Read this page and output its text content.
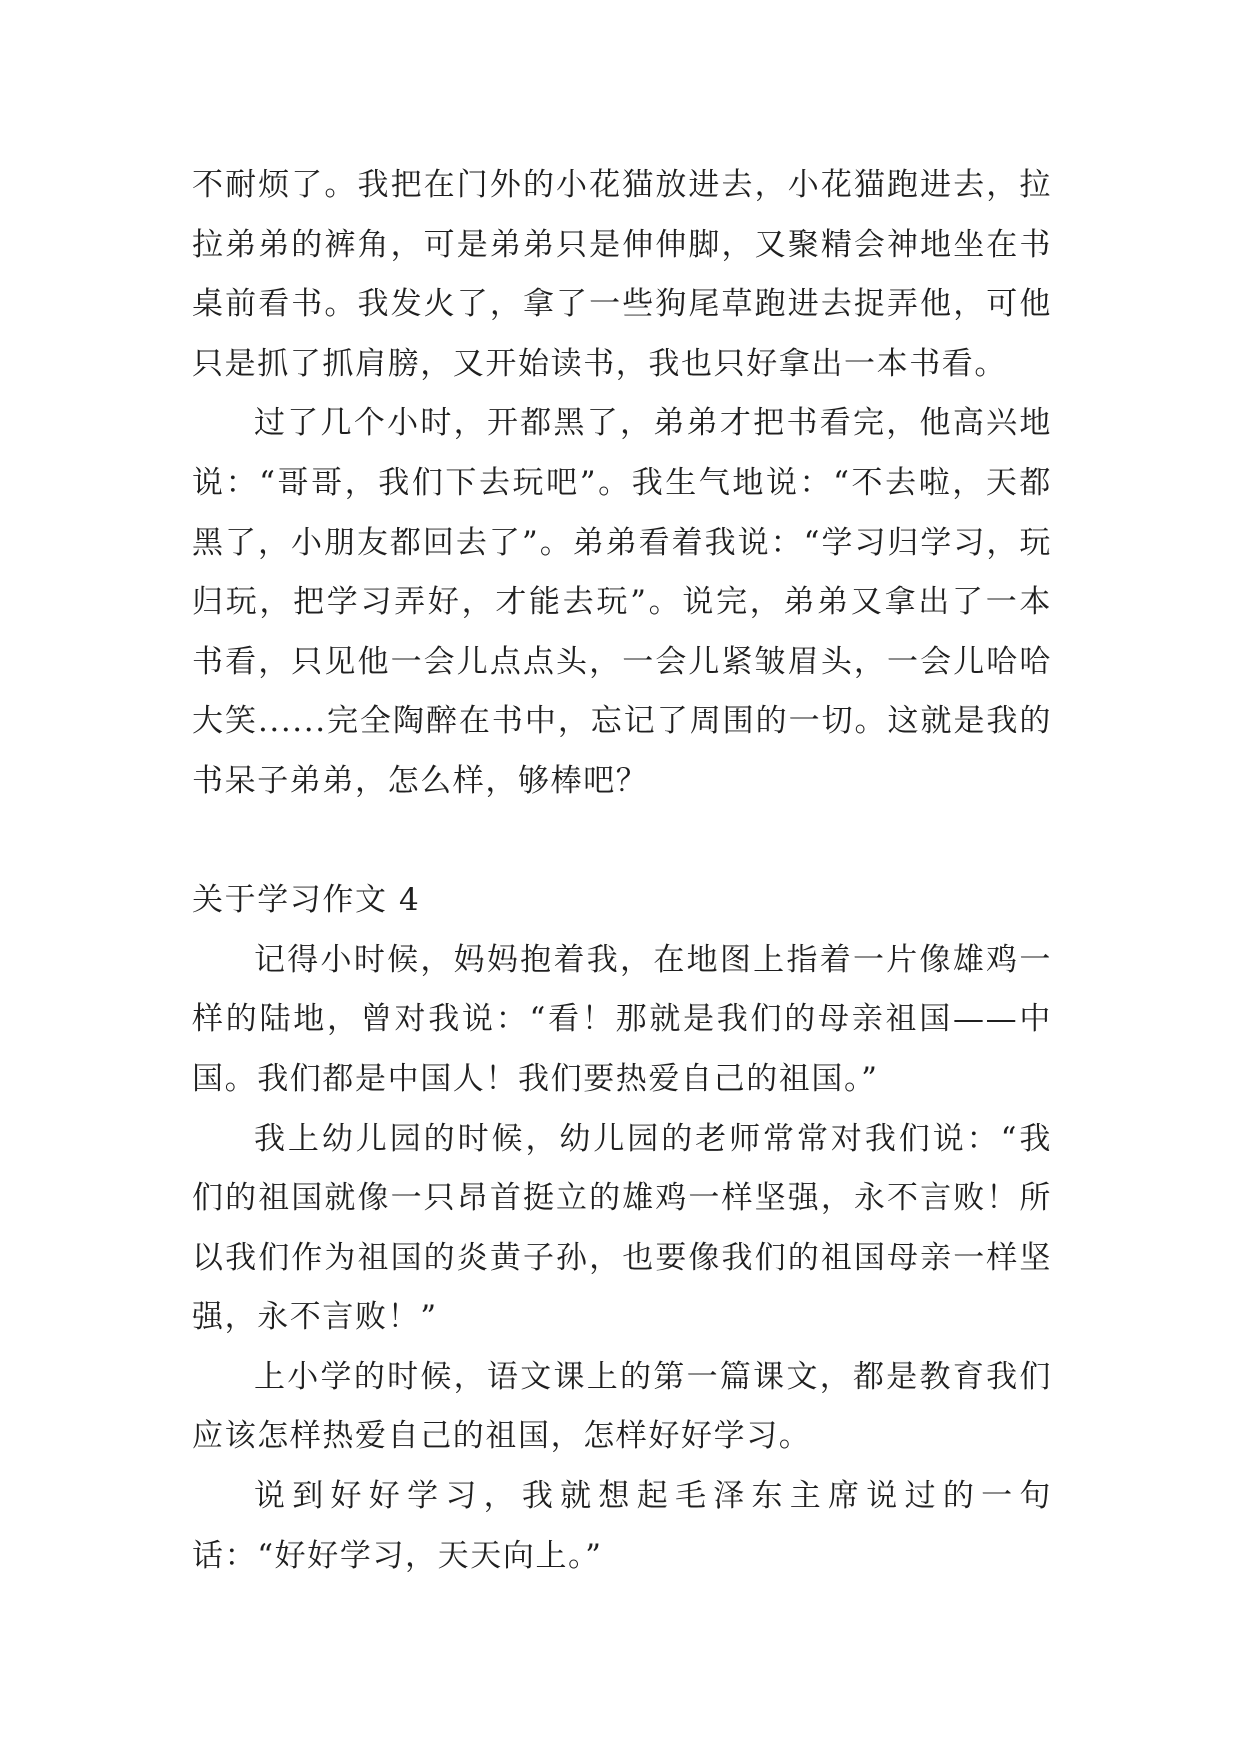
不耐烦了。我把在门外的小花猫放进去，小花猫跑进去，拉拉弟弟的裤角，可是弟弟只是伸伸脚，又聚精会神地坐在书桌前看书。我发火了，拿了一些狗尾草跑进去捉弄他，可他只是抓了抓肩膀，又开始读书，我也只好拿出一本书看。

过了几个小时，开都黑了，弟弟才把书看完，他高兴地说：“哥哥，我们下去玩吧”。我生气地说：“不去啦，天都黑了，小朋友都回去了”。弟弟看着我说：“学习归学习，玩归玩，把学习弄好，才能去玩”。说完，弟弟又拿出了一本书看，只见他一会儿点点头，一会儿紧皱眉头，一会儿哈哈大笑......完全陶醉在书中，忘记了周围的一切。这就是我的书呆子弟弟，怎么样，够棒吧？

关于学习作文 4

记得小时候，妈妈抱着我，在地图上指着一片像雄鸡一样的陆地，曾对我说：“看！那就是我们的母亲祖国——中国。我们都是中国人！我们要热爱自己的祖国。”

我上幼儿园的时候，幼儿园的老师常常对我们说：“我们的祖国就像一只昂首挺立的雄鸡一样坚强，永不言败！所以我们作为祖国的炎黄子孙，也要像我们的祖国母亲一样坚强，永不言败！”

上小学的时候，语文课上的第一篇课文，都是教育我们应该怎样热爱自己的祖国，怎样好好学习。

说到好好学习，我就想起毛泽东主席说过的一句话：“好好学习，天天向上。”
